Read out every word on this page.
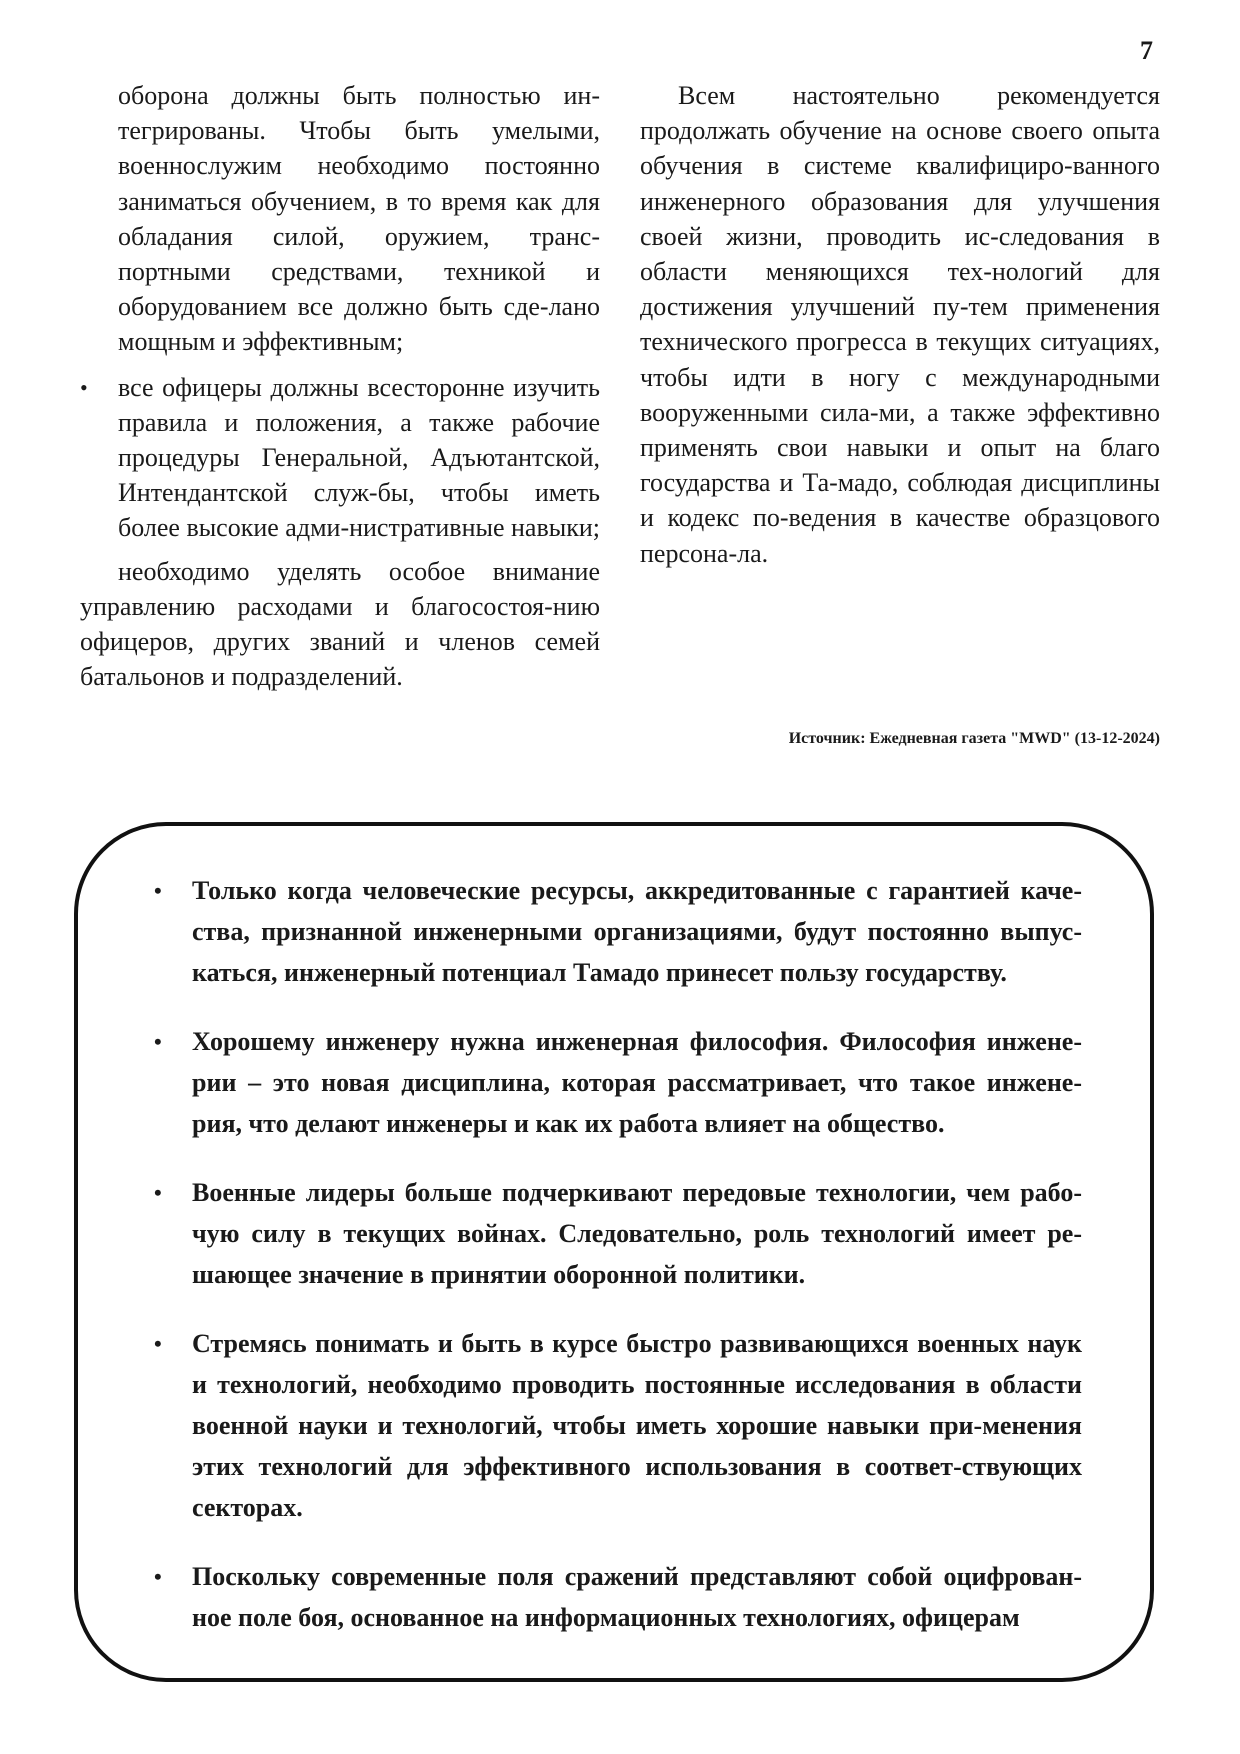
7

оборона должны быть полностью ин-тегрированы. Чтобы быть умелыми, военнослужим необходимо постоянно заниматься обучением, в то время как для обладания силой, оружием, транс-портными средствами, техникой и оборудованием все должно быть сде-лано мощным и эффективным;

•	все офицеры должны всесторонне изучить правила и положения, а также рабочие процедуры Генеральной, Адъютантской, Интендантской служ-бы, чтобы иметь более высокие адми-нистративные навыки;

необходимо уделять особое внимание управлению расходами и благосостоя-нию офицеров, других званий и членов семей батальонов и подразделений.

Всем настоятельно рекомендуется продолжать обучение на основе своего опыта обучения в системе квалифициро-ванного инженерного образования для улучшения своей жизни, проводить ис-следования в области меняющихся тех-нологий для достижения улучшений пу-тем применения технического прогресса в текущих ситуациях, чтобы идти в ногу с международными вооруженными сила-ми, а также эффективно применять свои навыки и опыт на благо государства и Та-мадо, соблюдая дисциплины и кодекс по-ведения в качестве образцового персона-ла.

Источник: Ежедневная газета "MWD" (13-12-2024)
• Только когда человеческие ресурсы, аккредитованные с гарантией каче-ства, признанной инженерными организациями, будут постоянно выпус-каться, инженерный потенциал Тамадо принесет пользу государству.
• Хорошему инженеру нужна инженерная философия. Философия инжене-рии – это новая дисциплина, которая рассматривает, что такое инжене-рия, что делают инженеры и как их работа влияет на общество.
• Военные лидеры больше подчеркивают передовые технологии, чем рабо-чую силу в текущих войнах. Следовательно, роль технологий имеет ре-шающее значение в принятии оборонной политики.
• Стремясь понимать и быть в курсе быстро развивающихся военных наук и технологий, необходимо проводить постоянные исследования в области военной науки и технологий, чтобы иметь хорошие навыки при-менения этих технологий для эффективного использования в соответ-ствующих секторах.
• Поскольку современные поля сражений представляют собой оцифрован-ное поле боя, основанное на информационных технологиях, офицерам
